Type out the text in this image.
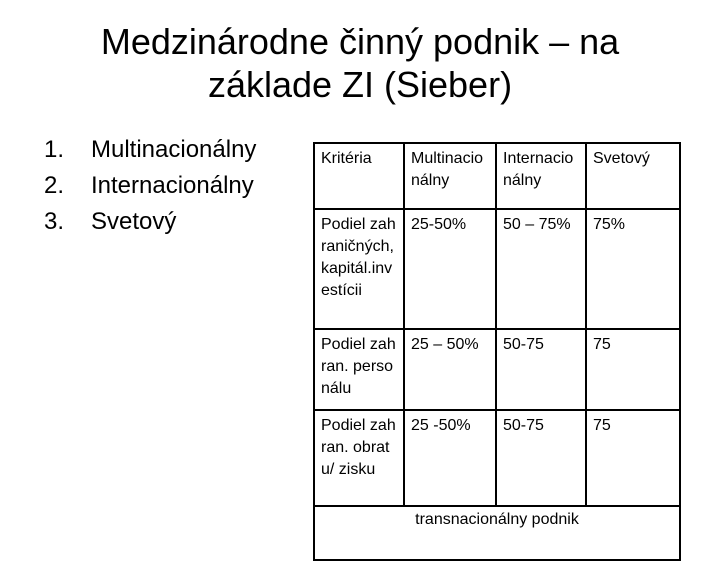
Medzinárodne činný podnik – na
základe ZI (Sieber)
1.	Multinacionálny
2.	Internacionálny
3.	Svetový
Kritéria	Multinacionálny	Internacionálny	Svetový
Podiel zahraničných,kapitál.investícii	25-50%	50 – 75%	75%
Podiel zahran. personálu	25 – 50%	50-75	75
Podiel zahran. obratu/ zisku	25 -50%	50-75	75
transnacionálny podnik			
